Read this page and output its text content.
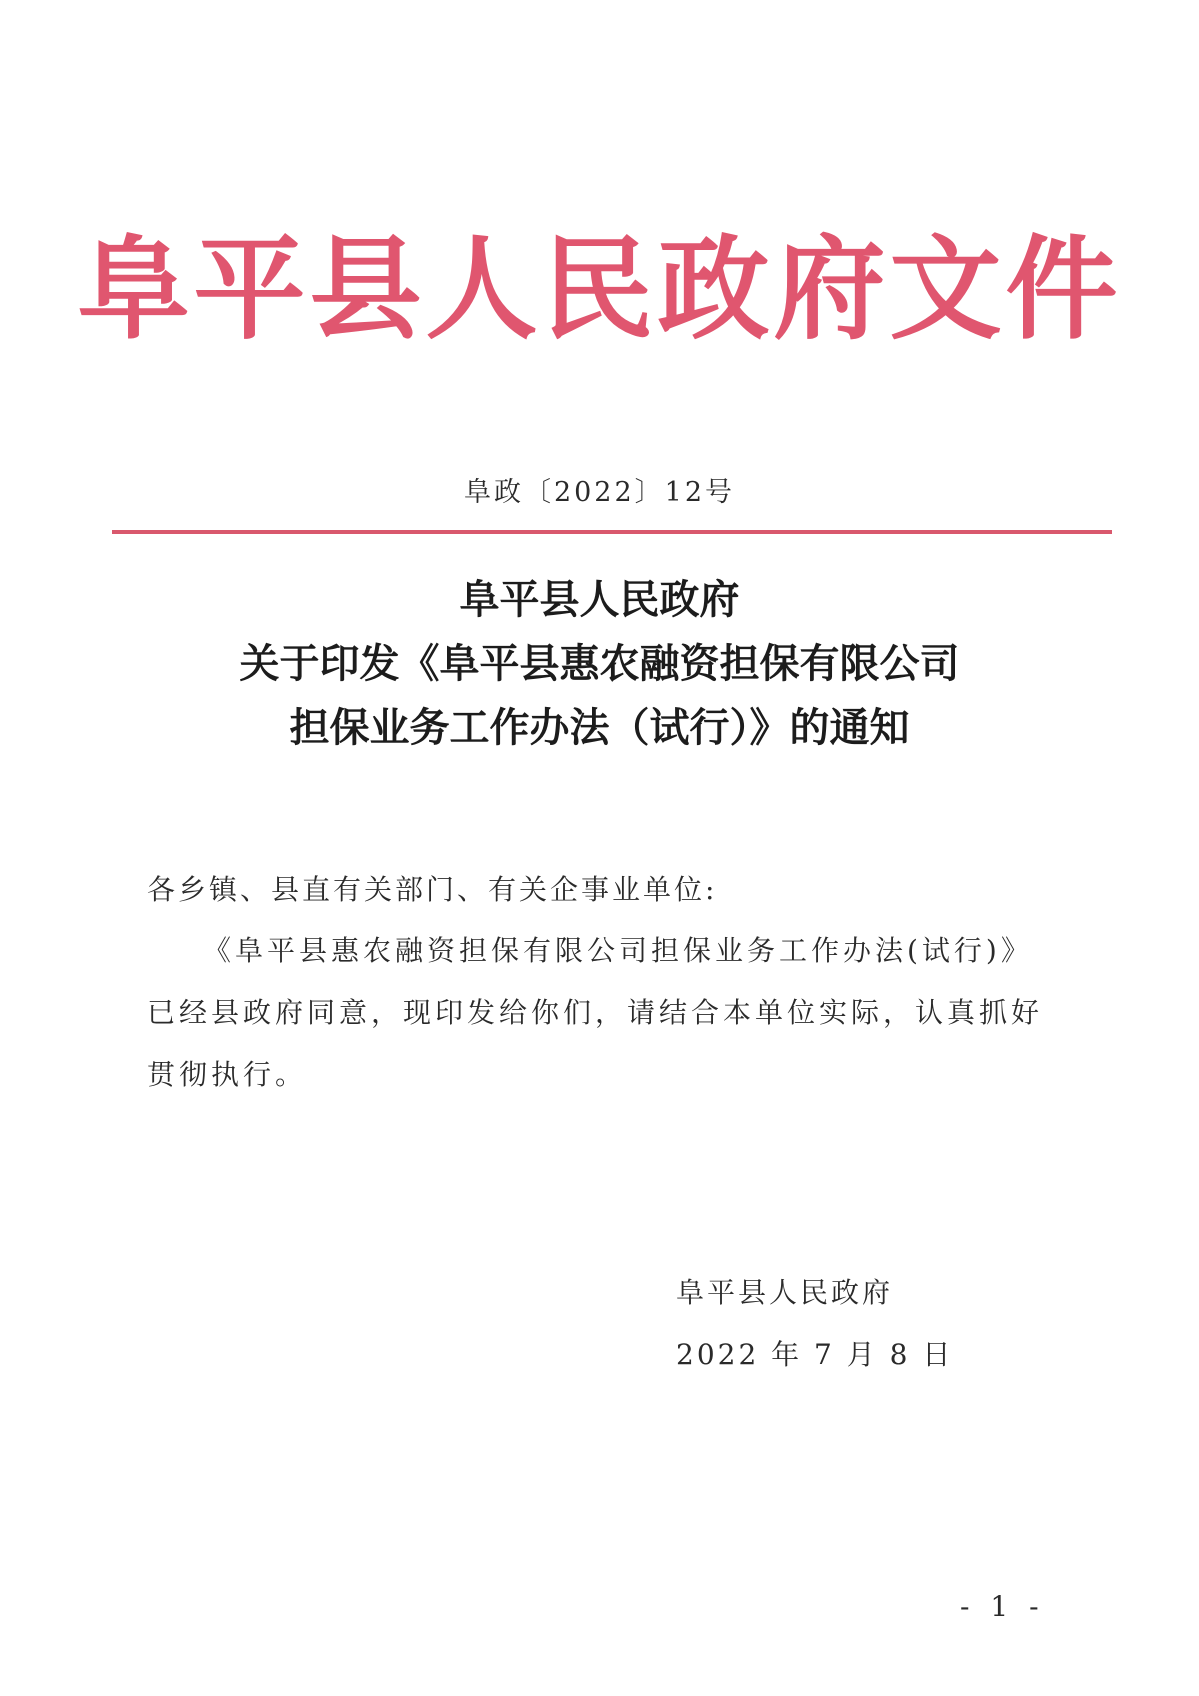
阜平县人民政府文件
阜政〔2022〕12号
阜平县人民政府
关于印发《阜平县惠农融资担保有限公司
担保业务工作办法（试行）》的通知
各乡镇、县直有关部门、有关企事业单位:
《阜平县惠农融资担保有限公司担保业务工作办法(试行)》
已经县政府同意，现印发给你们，请结合本单位实际，认真抓好
贯彻执行。
阜平县人民政府
2022 年 7 月 8 日
- 1 -
